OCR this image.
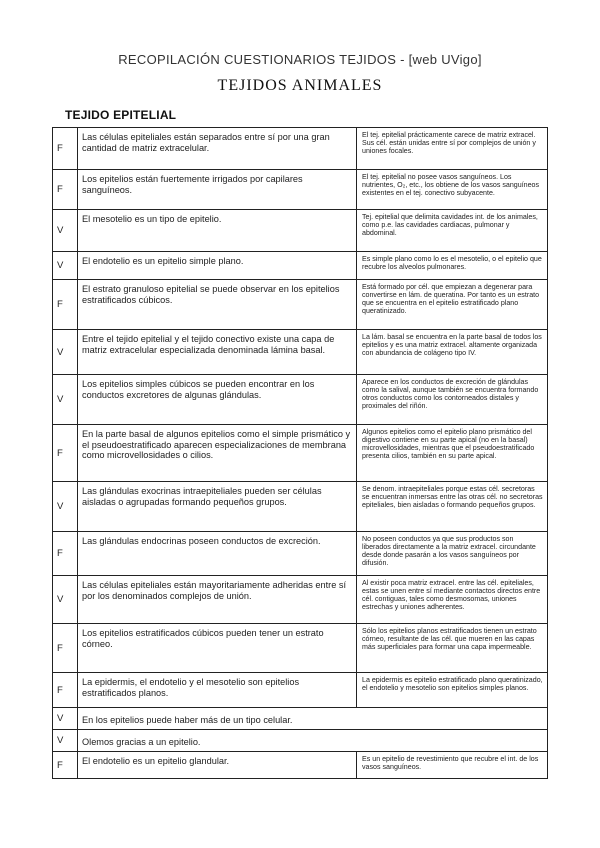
RECOPILACIÓN CUESTIONARIOS TEJIDOS - [web UVigo]
TEJIDOS ANIMALES
TEJIDO EPITELIAL
F	Las células epiteliales están separados entre sí por una gran cantidad de matriz extracelular.	El tej. epitelial prácticamente carece de matriz extracel. Sus cél. están unidas entre sí por complejos de unión y uniones focales.
F	Los epitelios están fuertemente irrigados por capilares sanguíneos.	El tej. epitelial no posee vasos sanguíneos. Los nutrientes, O₂, etc., los obtiene de los vasos sanguíneos existentes en el tej. conectivo subyacente.
V	El mesotelio es un tipo de epitelio.	Tej. epitelial que delimita cavidades int. de los animales, como p.e. las cavidades cardiacas, pulmonar y abdominal.
V	El endotelio es un epitelio simple plano.	Es simple plano como lo es el mesotelio, o el epitelio que recubre los alveolos pulmonares.
F	El estrato granuloso epitelial se puede observar en los epitelios estratificados cúbicos.	Está formado por cél. que empiezan a degenerar para convertirse en lám. de queratina. Por tanto es un estrato que se encuentra en el epitelio estratificado plano queratinizado.
V	Entre el tejido epitelial y el tejido conectivo existe una capa de matriz extracelular especializada denominada lámina basal.	La lám. basal se encuentra en la parte basal de todos los epitelios y es una matriz extracel. altamente organizada con abundancia de colágeno tipo IV.
V	Los epitelios simples cúbicos se pueden encontrar en los conductos excretores de algunas glándulas.	Aparece en los conductos de excreción de glándulas como la salival, aunque también se encuentra formando otros conductos como los contorneados distales y proximales del riñón.
F	En la parte basal de algunos epitelios como el simple prismático y el pseudoestratificado aparecen especializaciones de membrana como microvellosidades o cilios.	Algunos epitelios como el epitelio plano prismático del digestivo contiene en su parte apical (no en la basal) microvellosidades, mientras que el pseudoestratificado presenta cilios, también en su parte apical.
V	Las glándulas exocrinas intraepiteliales pueden ser células aisladas o agrupadas formando pequeños grupos.	Se denom. intraepiteliales porque estas cél. secretoras se encuentran inmersas entre las otras cél. no secretoras epiteliales, bien aisladas o formando pequeños grupos.
F	Las glándulas endocrinas poseen conductos de excreción.	No poseen conductos ya que sus productos son liberados directamente a la matriz extracel. circundante desde donde pasarán a los vasos sanguíneos por difusión.
V	Las células epiteliales están mayoritariamente adheridas entre sí por los denominados complejos de unión.	Al existir poca matriz extracel. entre las cél. epiteliales, estas se unen entre sí mediante contactos directos entre cél. contiguas, tales como desmosomas, uniones estrechas y uniones adherentes.
F	Los epitelios estratificados cúbicos pueden tener un estrato córneo.	Sólo los epitelios planos estratificados tienen un estrato córneo, resultante de las cél. que mueren en las capas más superficiales para formar una capa impermeable.
F	La epidermis, el endotelio y el mesotelio son epitelios estratificados planos.	La epidermis es epitelio estratificado plano queratinizado, el endotelio y mesotelio son epitelios simples planos.
V	En los epitelios puede haber más de un tipo celular.	
V	Olemos gracias a un epitelio.	
F	El endotelio es un epitelio glandular.	Es un epitelio de revestimiento que recubre el int. de los vasos sanguíneos.
